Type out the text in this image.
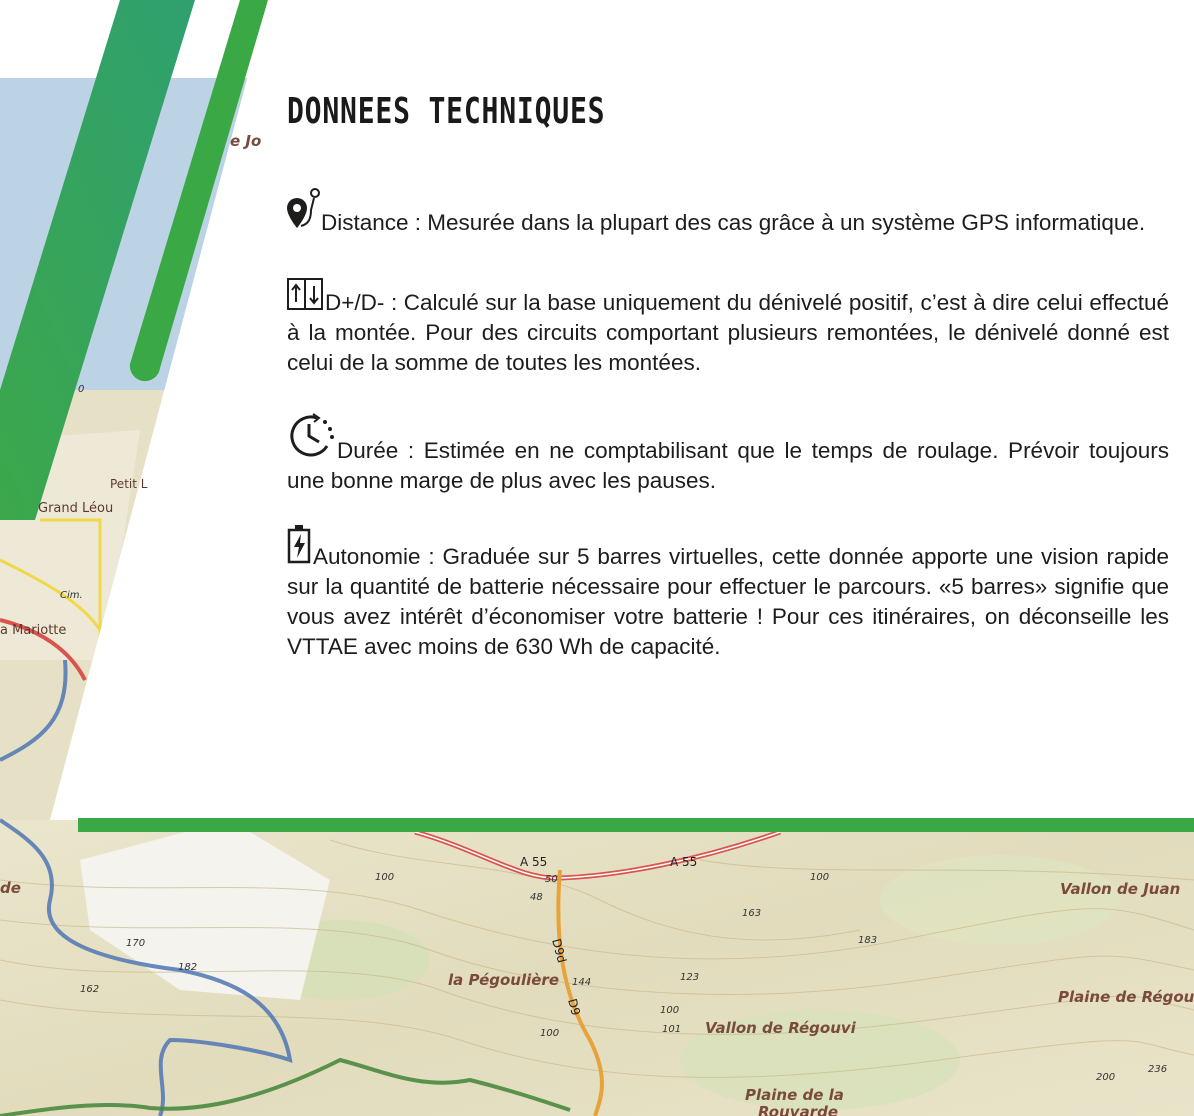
Grand Léou
Petit L
Cim.
a Mariotte
e Jo
0
de	Vallon de Juan
Plaine de Régou
la Pégoulière
Vallon de Régouvi
Plaine de la
Rouvarde
A 55	A 55
D9d
D9
50
48
100
163
183
170
182
162
144	123
100
101
100
100
200
236
DONNEES TECHNIQUES

Distance : Mesurée dans la plupart des cas grâce à un système GPS informatique.

D+/D- : Calculé sur la base uniquement du dénivelé positif, c’est à dire celui effectué à la montée. Pour des circuits comportant plusieurs remontées, le dénivelé donné est celui de la somme de toutes les montées.

Durée : Estimée en ne comptabilisant que le temps de roulage. Prévoir toujours une bonne marge de plus avec les pauses.

Autonomie : Graduée sur 5 barres virtuelles, cette donnée apporte une vision rapide sur la quantité de batterie nécessaire pour effectuer le parcours. «5 barres» signifie que vous avez intérêt d’économiser votre batterie ! Pour ces itinéraires, on déconseille les VTTAE avec moins de 630 Wh de capacité.
